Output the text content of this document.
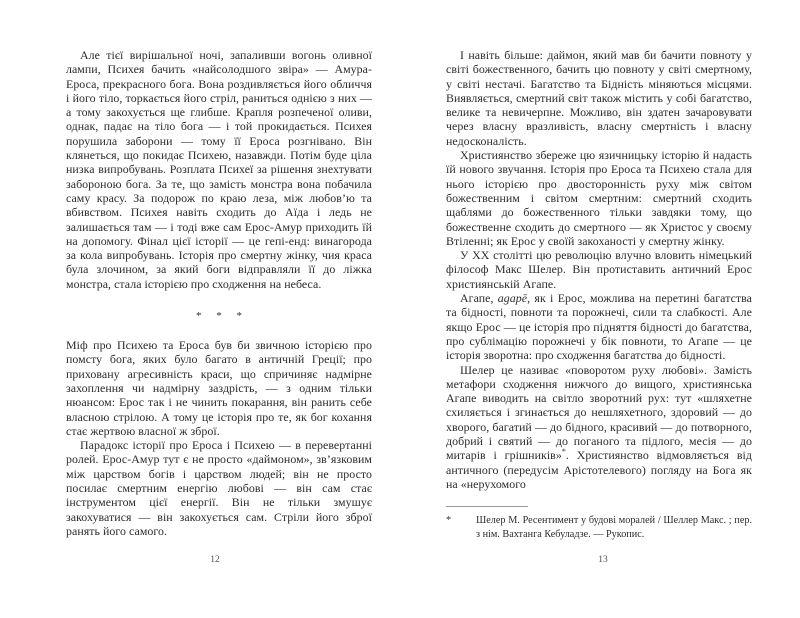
Але тієї вирішальної ночі, запаливши вогонь оливної лампи, Психея бачить «найсолодшого звіра» — Амура-Ероса, прекрасного бога. Вона роздивляється його обличчя і його тіло, торкається його стріл, раниться однією з них — а тому закохується ще глибше. Крапля розпеченої оливи, однак, падає на тіло бога — і той прокидається. Психея порушила заборони — тому її Ероса розгнівано. Він клянеться, що покидає Психею, назавжди. Потім буде ціла низка випробувань. Розплата Психеї за рішення знехтувати забороною бога. За те, що замість монстра вона побачила саму красу. За подорож по краю леза, між любов’ю та вбивством. Психея навіть сходить до Аїда і ледь не залишається там — і тоді вже сам Ерос-Амур приходить їй на допомогу. Фінал цієї історії — це гепі-енд: винагорода за кола випробувань. Історія про смертну жінку, чия краса була злочином, за який боги відправляли її до ліжка монстра, стала історією про сходження на небеса.

* * *

Міф про Психею та Ероса був би звичною історією про помсту бога, яких було багато в античній Греції; про приховану агресивність краси, що спричиняє надмірне захоплення чи надмірну заздрість, — з одним тільки нюансом: Ерос так і не чинить покарання, він ранить себе власною стрілою. А тому це історія про те, як бог кохання стає жертвою власної ж зброї.

Парадокс історії про Ероса і Психею — в перевертанні ролей. Ерос-Амур тут є не просто «даймоном», зв’язковим між царством богів і царством людей; він не просто посилає смертним енергію любові — він сам стає інструментом цієї енергії. Він не тільки змушує закохуватися — він закохується сам. Стріли його зброї ранять його самого.

12

І навіть більше: даймон, який мав би бачити повноту у світі божественного, бачить цю повноту у світі смертному, у світі нестачі. Багатство та Бідність міняються місцями. Виявляється, смертний світ також містить у собі багатство, велике та невичерпне. Можливо, він здатен зачаровувати через власну вразливість, власну смертність і власну недосконалість.

Християнство збереже цю язичницьку історію й надасть їй нового звучання. Історія про Ероса та Психею стала для нього історією про двосторонність руху між світом божественним і світом смертним: смертний сходить щаблями до божественного тільки завдяки тому, що божественне сходить до смертного — як Христос у своєму Втіленні; як Ерос у своїй закоханості у смертну жінку.

У ХХ столітті цю революцію влучно вловить німецький філософ Макс Шелер. Він протиставить античний Ерос християнській Агапе.

Агапе, agapē, як і Ерос, можлива на перетині багатства та бідності, повноти та порожнечі, сили та слабкості. Але якщо Ерос — це історія про підняття бідності до багатства, про сублімацію порожнечі у бік повноти, то Агапе — це історія зворотна: про сходження багатства до бідності.

Шелер це називає «поворотом руху любові». Замість метафори сходження нижчого до вищого, християнська Агапе виводить на світло зворотний рух: тут «шляхетне схиляється і згинається до нешляхетного, здоровий — до хворого, багатий — до бідного, красивий — до потворного, добрий і святий — до поганого та підлого, месія — до митарів і грішників»*. Християнство відмовляється від античного (передусім Арістотелевого) погляду на Бога як на «нерухомого

*	Шелер М. Ресентимент у будові моралей / Шеллер Макс. ; пер. з нім. Вахтанга Кебуладзе. — Рукопис.
13
